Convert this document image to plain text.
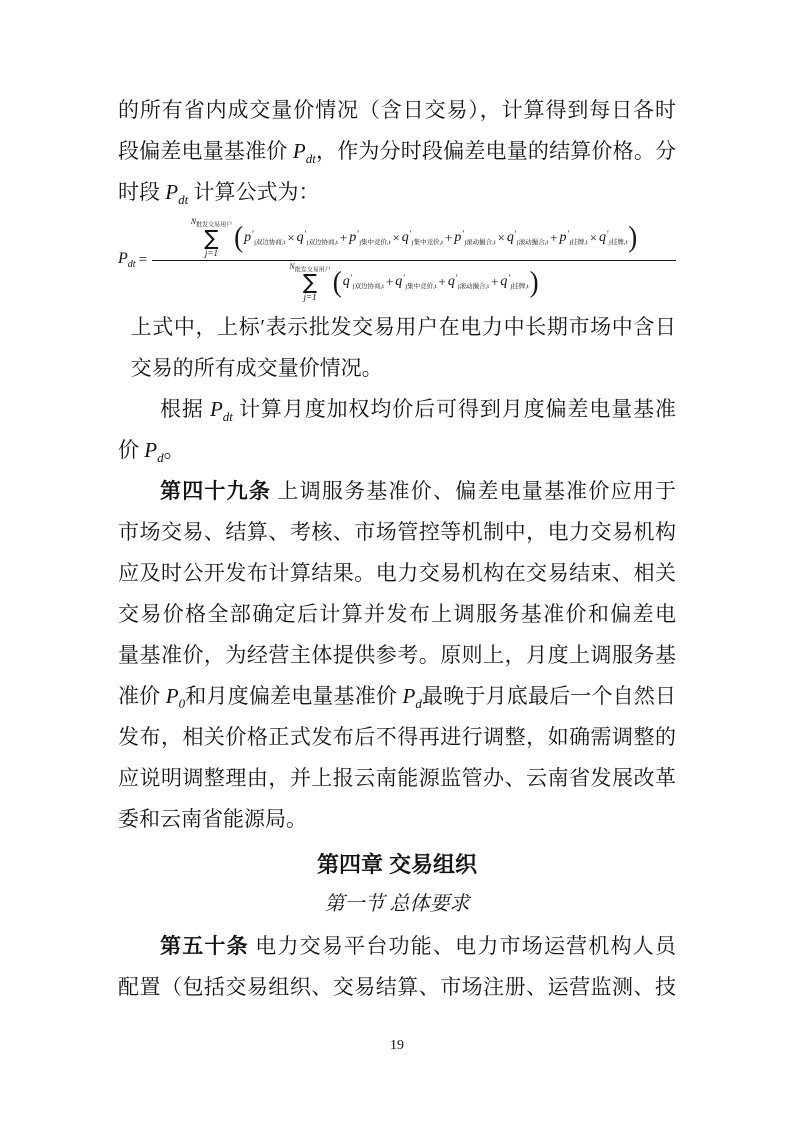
的所有省内成交量价情况（含日交易），计算得到每日各时
段偏差电量基准价 $P_{dt}$，作为分时段偏差电量的结算价格。分
时段 $P_{dt}$ 计算公式为：
$P_{dt}$ =
$N_{批发交易用户}$
∑
j=1 ( p ′
j双边协商,t × q ′
j双边协商,t + p ′
j集中竞价,t × q ′
j集中竞价,t + p ′
j滚动撮合,t × q ′
j滚动撮合,t + p ′
j挂牌,t × q ′
j挂牌,t )
$N_{批发交易用户}$
∑
j=1 ( q ′
j双边协商,t + q ′
j集中竞价,t + q ′
j滚动撮合,t + q ′
j挂牌,t )
上式中，上标′表示批发交易用户在电力中长期市场中含日
交易的所有成交量价情况。
根据 $P_{dt}$ 计算月度加权均价后可得到月度偏差电量基准
价 $P_d$。
第四十九条 上调服务基准价、偏差电量基准价应用于
市场交易、结算、考核、市场管控等机制中，电力交易机构
应及时公开发布计算结果。电力交易机构在交易结束、相关
交易价格全部确定后计算并发布上调服务基准价和偏差电
量基准价，为经营主体提供参考。原则上，月度上调服务基
准价 $P_0$和月度偏差电量基准价 $P_d$最晚于月底最后一个自然日
发布，相关价格正式发布后不得再进行调整，如确需调整的
应说明调整理由，并上报云南能源监管办、云南省发展改革
委和云南省能源局。
第四章 交易组织
第一节 总体要求
第五十条 电力交易平台功能、电力市场运营机构人员
配置（包括交易组织、交易结算、市场注册、运营监测、技
19
